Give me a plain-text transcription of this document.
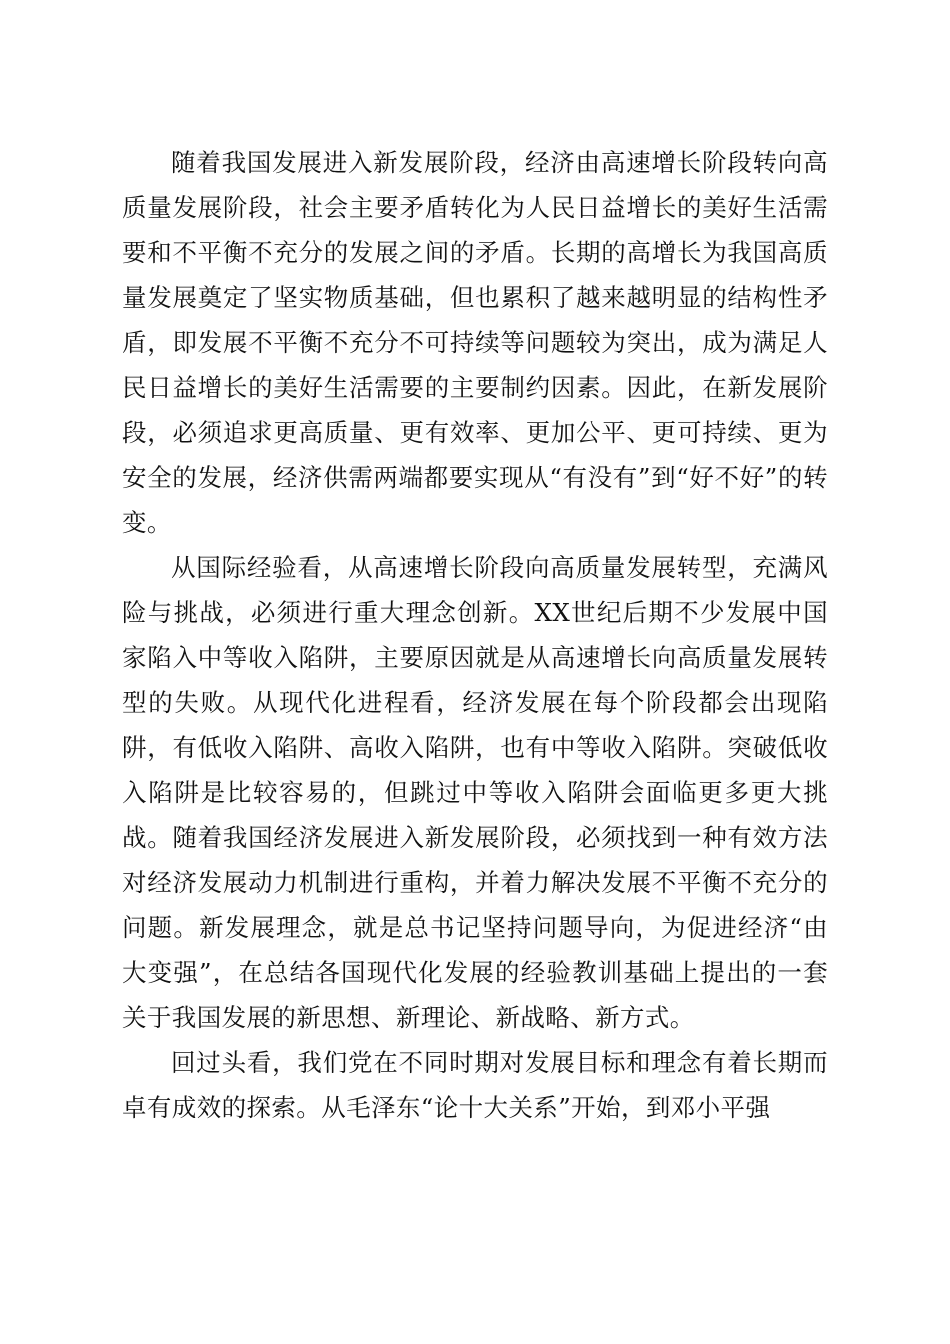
随着我国发展进入新发展阶段，经济由高速增长阶段转向高质量发展阶段，社会主要矛盾转化为人民日益增长的美好生活需要和不平衡不充分的发展之间的矛盾。长期的高增长为我国高质量发展奠定了坚实物质基础，但也累积了越来越明显的结构性矛盾，即发展不平衡不充分不可持续等问题较为突出，成为满足人民日益增长的美好生活需要的主要制约因素。因此，在新发展阶段，必须追求更高质量、更有效率、更加公平、更可持续、更为安全的发展，经济供需两端都要实现从“有没有”到“好不好”的转变。

从国际经验看，从高速增长阶段向高质量发展转型，充满风险与挑战，必须进行重大理念创新。XX世纪后期不少发展中国家陷入中等收入陷阱，主要原因就是从高速增长向高质量发展转型的失败。从现代化进程看，经济发展在每个阶段都会出现陷阱，有低收入陷阱、高收入陷阱，也有中等收入陷阱。突破低收入陷阱是比较容易的，但跳过中等收入陷阱会面临更多更大挑战。随着我国经济发展进入新发展阶段，必须找到一种有效方法对经济发展动力机制进行重构，并着力解决发展不平衡不充分的问题。新发展理念，就是总书记坚持问题导向，为促进经济“由大变强”，在总结各国现代化发展的经验教训基础上提出的一套关于我国发展的新思想、新理论、新战略、新方式。

回过头看，我们党在不同时期对发展目标和理念有着长期而卓有成效的探索。从毛泽东“论十大关系”开始，到邓小平强
